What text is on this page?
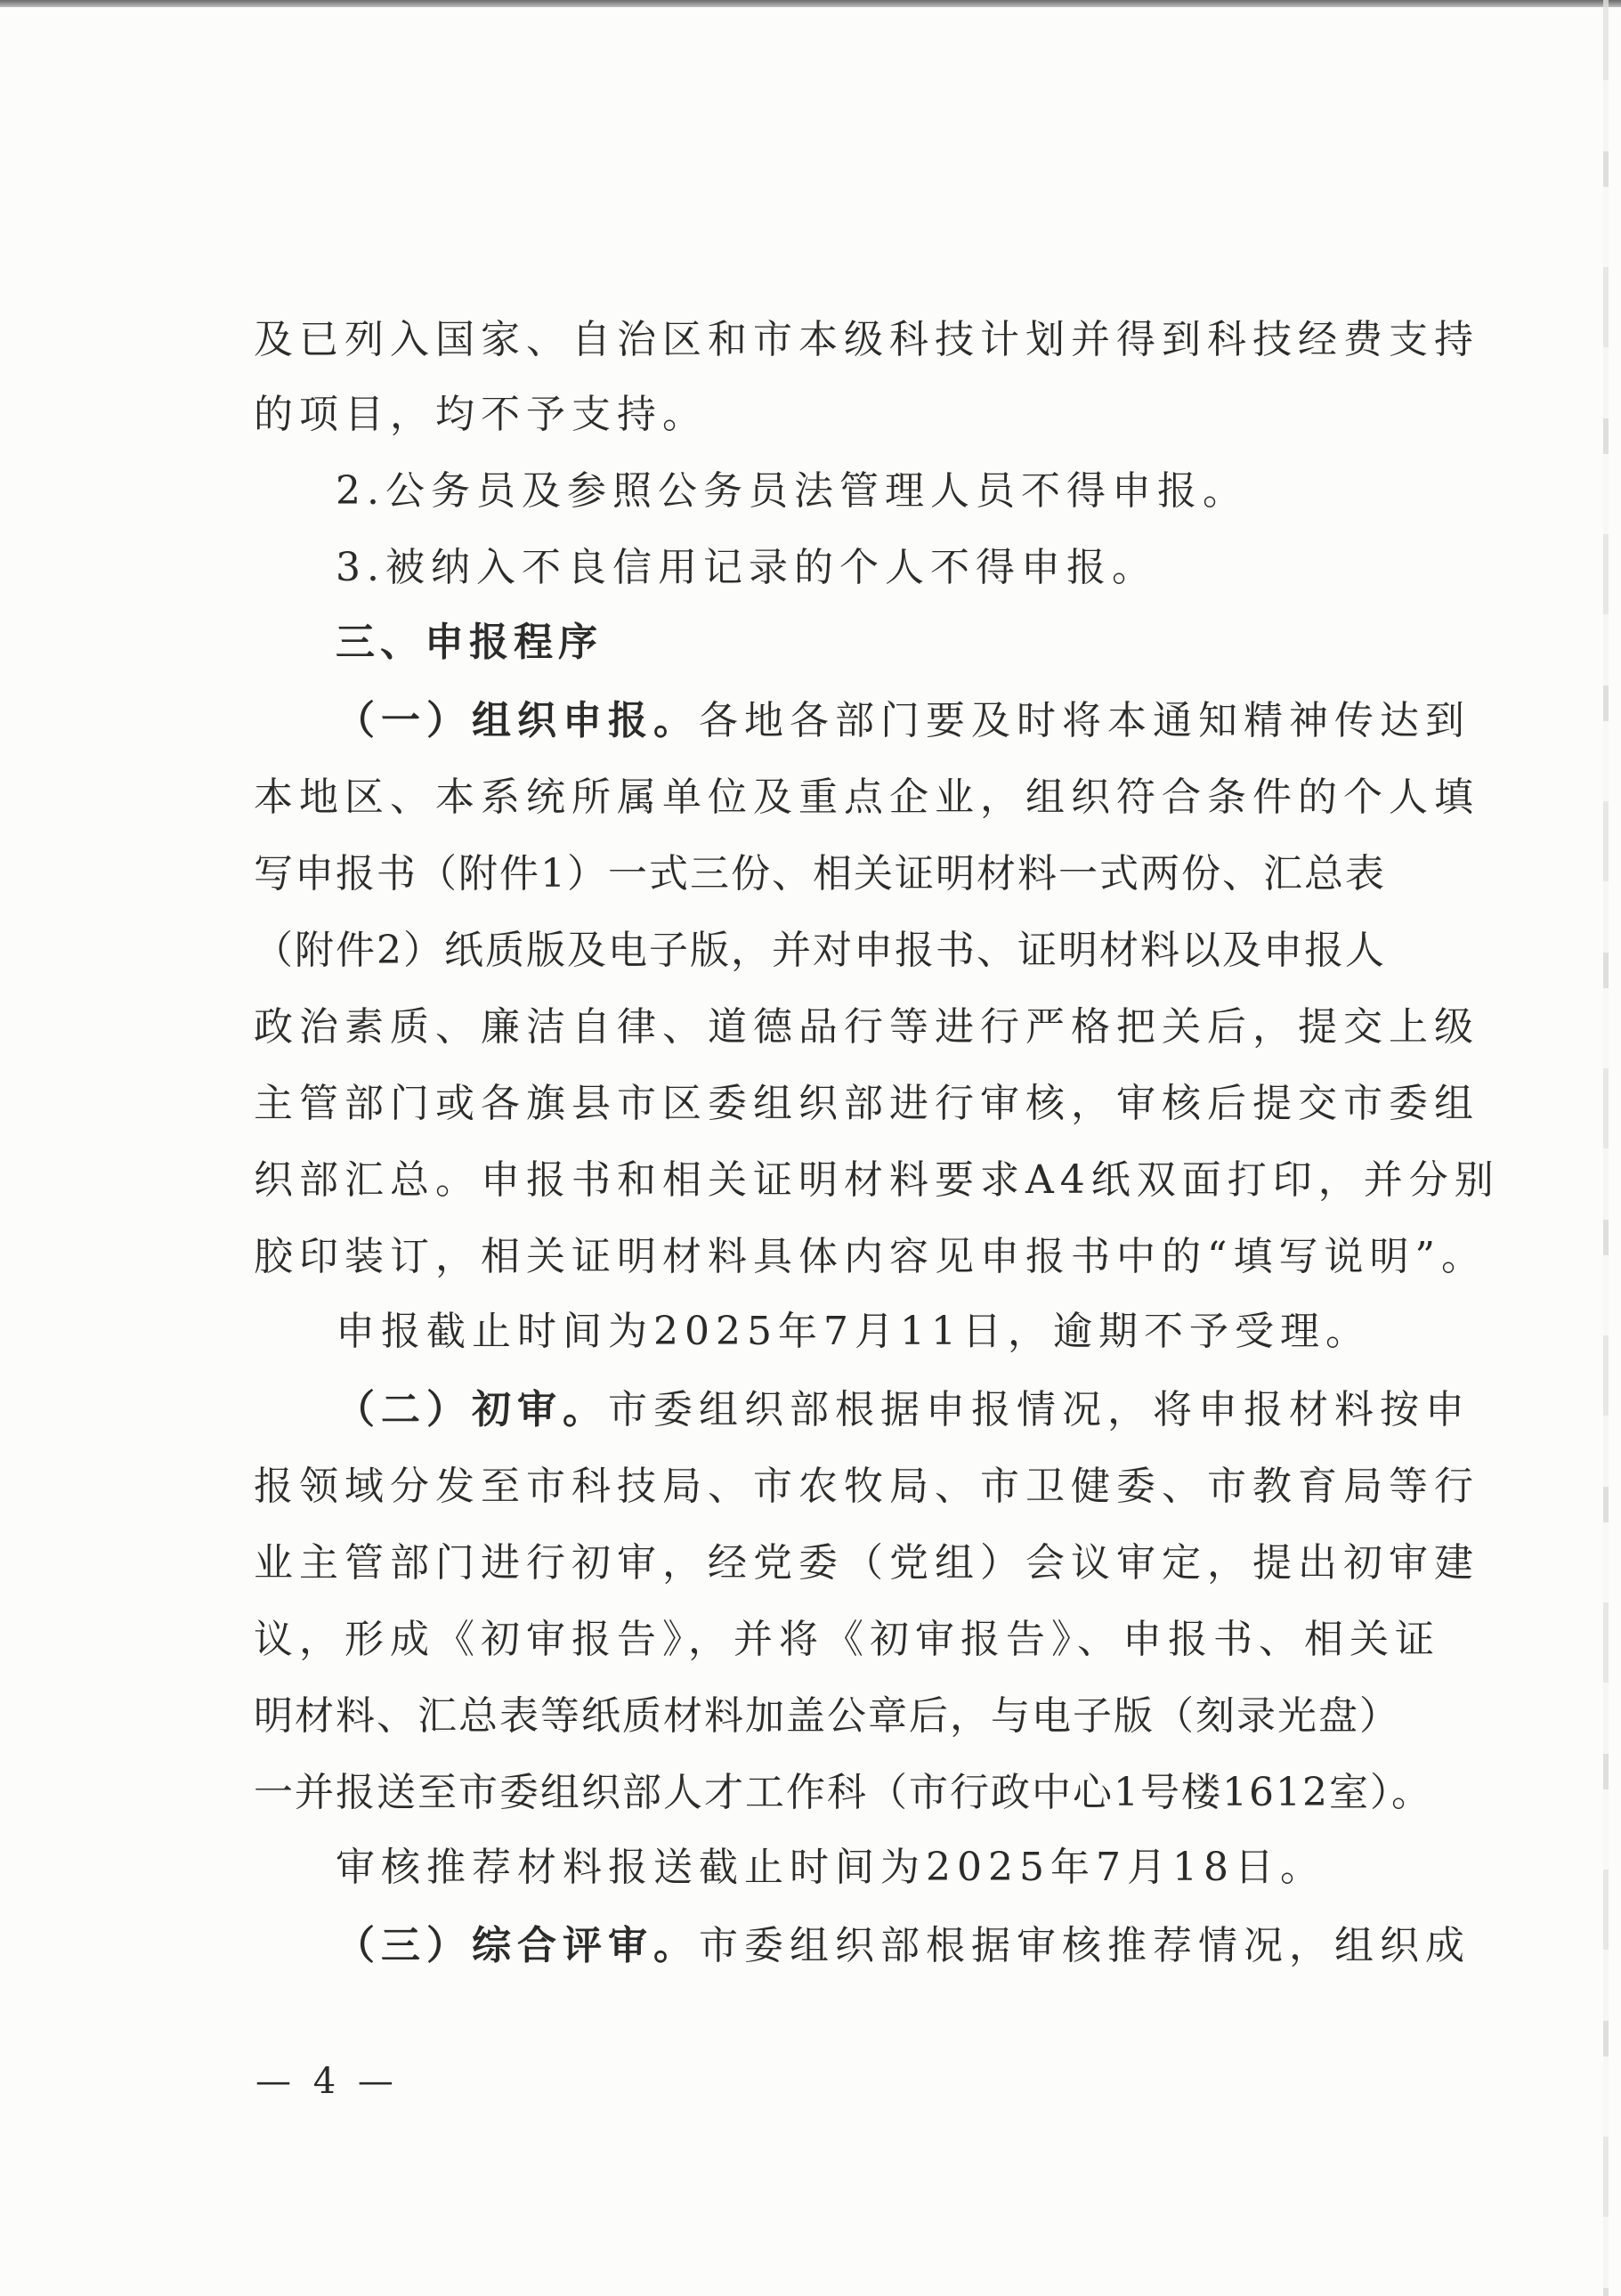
及已列入国家、自治区和市本级科技计划并得到科技经费支持
的项目，均不予支持。
2.公务员及参照公务员法管理人员不得申报。
3.被纳入不良信用记录的个人不得申报。
三、申报程序
（一）组织申报。各地各部门要及时将本通知精神传达到
本地区、本系统所属单位及重点企业，组织符合条件的个人填
写申报书（附件1）一式三份、相关证明材料一式两份、汇总表
（附件2）纸质版及电子版，并对申报书、证明材料以及申报人
政治素质、廉洁自律、道德品行等进行严格把关后，提交上级
主管部门或各旗县市区委组织部进行审核，审核后提交市委组
织部汇总。申报书和相关证明材料要求A4纸双面打印，并分别
胶印装订，相关证明材料具体内容见申报书中的“填写说明”。
申报截止时间为2025年7月11日，逾期不予受理。
（二）初审。市委组织部根据申报情况，将申报材料按申
报领域分发至市科技局、市农牧局、市卫健委、市教育局等行
业主管部门进行初审，经党委（党组）会议审定，提出初审建
议，形成《初审报告》，并将《初审报告》、申报书、相关证
明材料、汇总表等纸质材料加盖公章后，与电子版（刻录光盘）
一并报送至市委组织部人才工作科（市行政中心1号楼1612室）。
审核推荐材料报送截止时间为2025年7月18日。
（三）综合评审。市委组织部根据审核推荐情况，组织成
— 4 —
